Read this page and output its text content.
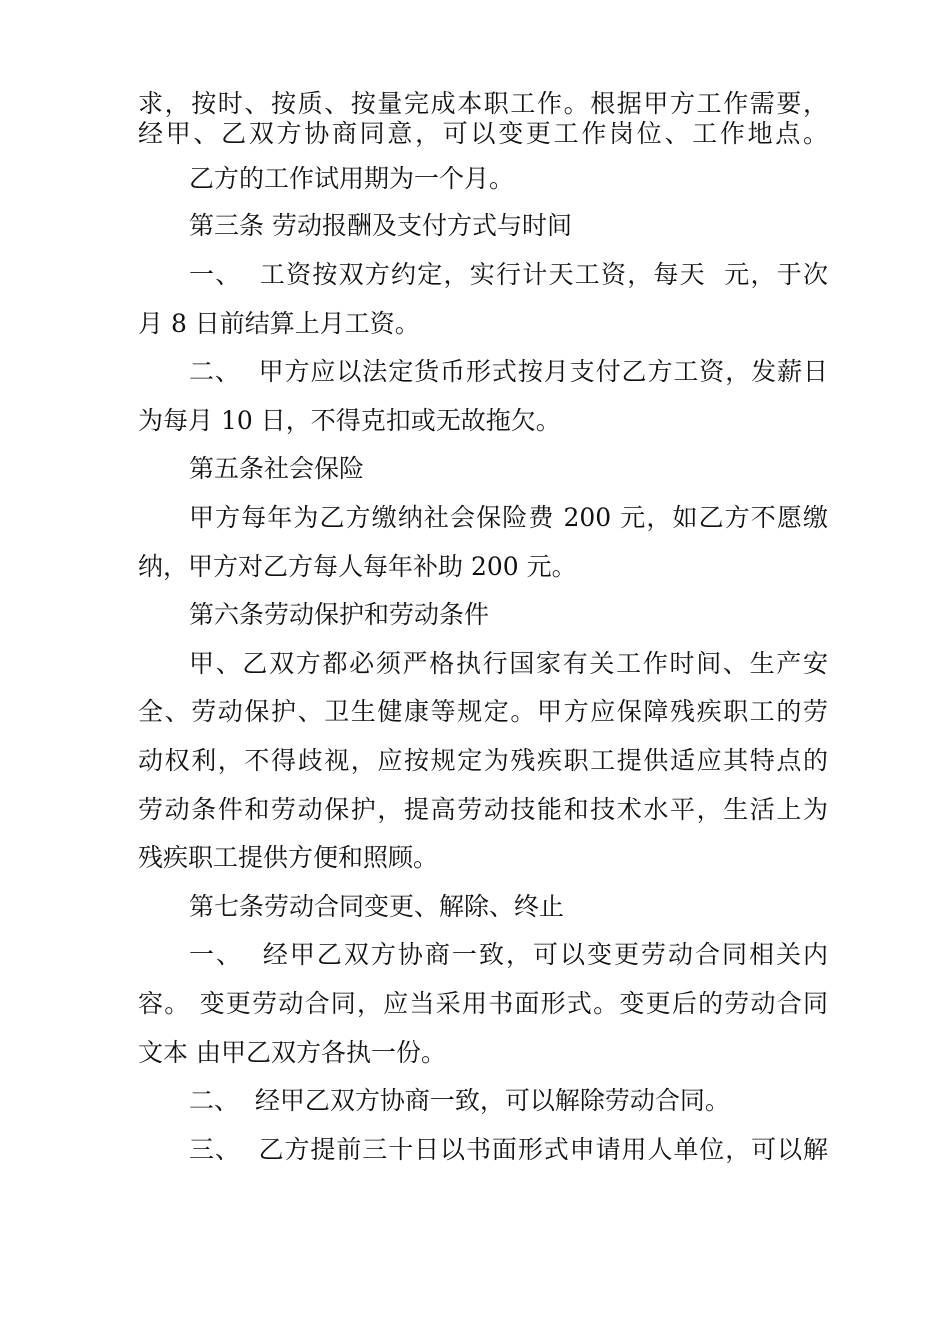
求，按时、按质、按量完成本职工作。根据甲方工作需要，
经甲、乙双方协商同意，可以变更工作岗位、工作地点。
乙方的工作试用期为一个月。
第三条 劳动报酬及支付方式与时间
一、  工资按双方约定，实行计天工资，每天  元，于次
月 8 日前结算上月工资。
二、  甲方应以法定货币形式按月支付乙方工资，发薪日
为每月 10 日，不得克扣或无故拖欠。
第五条社会保险
甲方每年为乙方缴纳社会保险费 200 元，如乙方不愿缴
纳，甲方对乙方每人每年补助 200 元。
第六条劳动保护和劳动条件
甲、乙双方都必须严格执行国家有关工作时间、生产安
全、劳动保护、卫生健康等规定。甲方应保障残疾职工的劳
动权利，不得歧视，应按规定为残疾职工提供适应其特点的
劳动条件和劳动保护，提高劳动技能和技术水平，生活上为
残疾职工提供方便和照顾。
第七条劳动合同变更、解除、终止
一、  经甲乙双方协商一致，可以变更劳动合同相关内
容。 变更劳动合同，应当采用书面形式。变更后的劳动合同
文本 由甲乙双方各执一份。
二、  经甲乙双方协商一致，可以解除劳动合同。
三、  乙方提前三十日以书面形式申请用人单位，可以解
